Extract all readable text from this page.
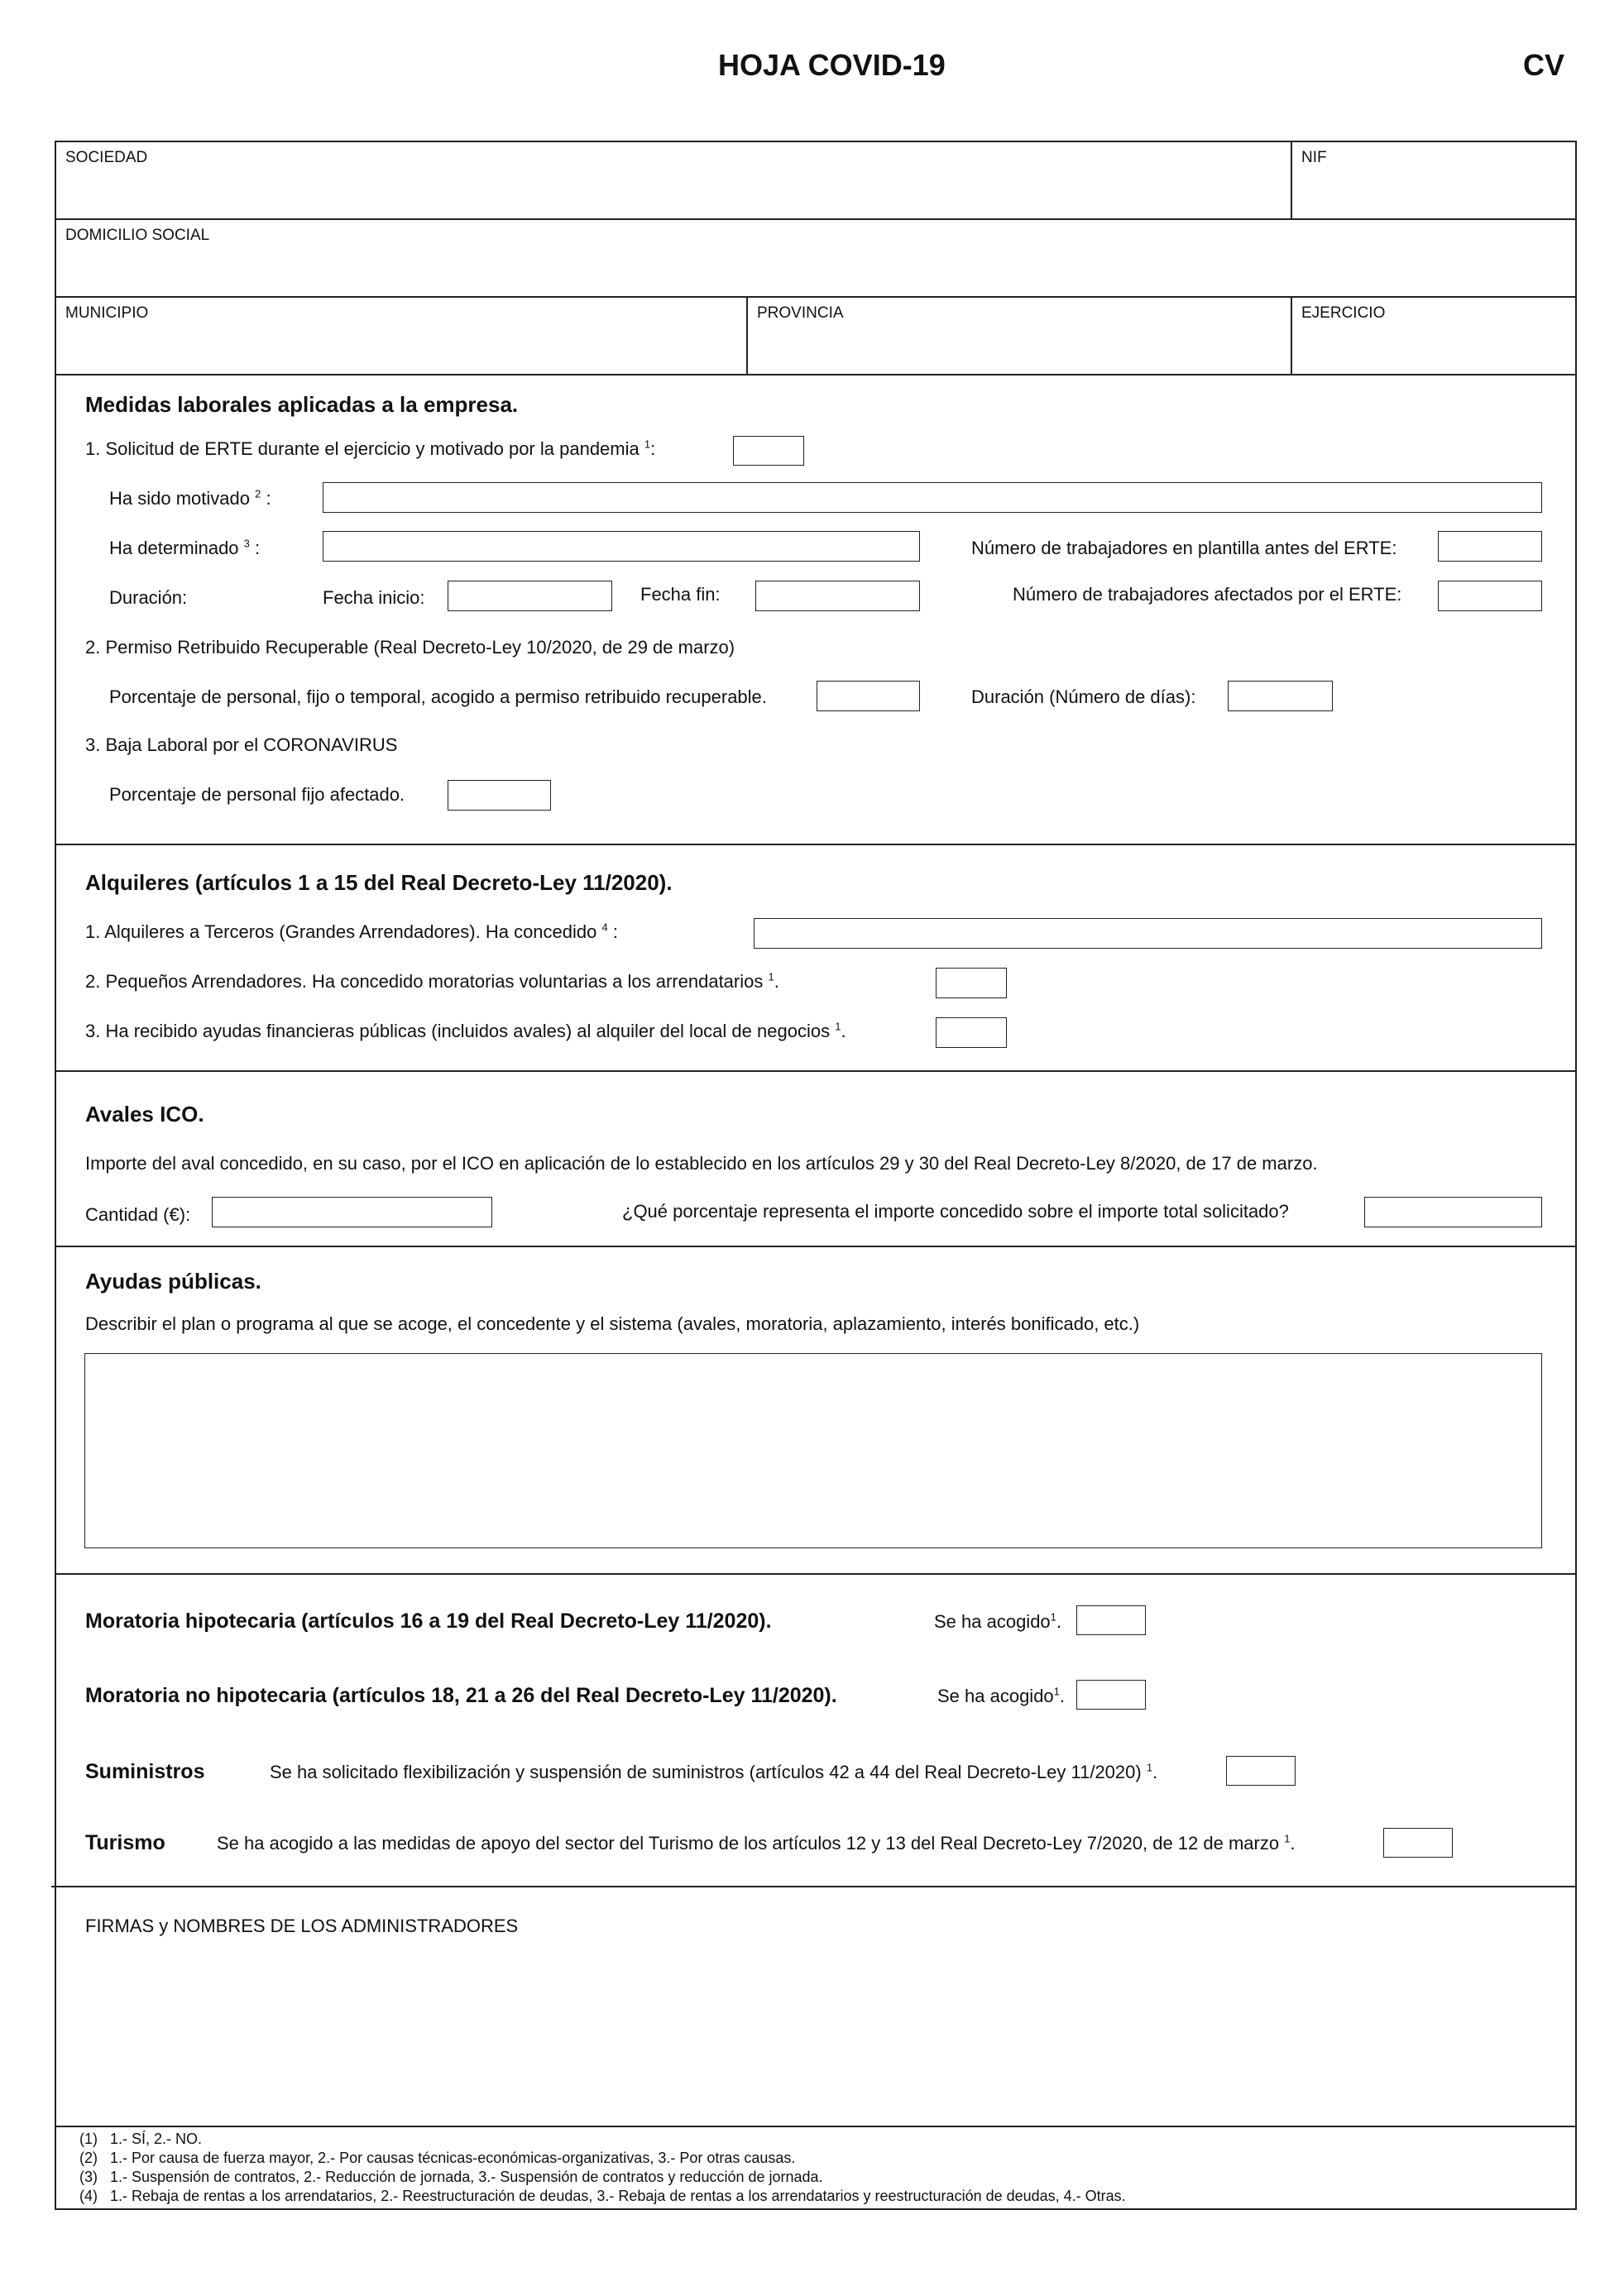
HOJA COVID-19	CV
SOCIEDAD	NIF
DOMICILIO SOCIAL
MUNICIPIO	PROVINCIA	EJERCICIO
Medidas laborales aplicadas a la empresa.
1. Solicitud de ERTE durante el ejercicio y motivado por la pandemia $^1$:
Ha sido motivado $^2$ :
Ha determinado $^3$ :	Número de trabajadores en plantilla antes del ERTE:
Duración:	Fecha inicio:	Fecha fin:	Número de trabajadores afectados por el ERTE:
2. Permiso Retribuido Recuperable (Real Decreto-Ley 10/2020, de 29 de marzo)
Porcentaje de personal, fijo o temporal, acogido a permiso retribuido recuperable.	Duración (Número de días):
3. Baja Laboral por el CORONAVIRUS
Porcentaje de personal fijo afectado.
Alquileres (artículos 1 a 15 del Real Decreto-Ley 11/2020).
1. Alquileres a Terceros (Grandes Arrendadores). Ha concedido $^4$ :
2. Pequeños Arrendadores. Ha concedido moratorias voluntarias a los arrendatarios $^1$.
3. Ha recibido ayudas financieras públicas (incluidos avales) al alquiler del local de negocios $^1$.
Avales ICO.
Importe del aval concedido, en su caso, por el ICO en aplicación de lo establecido en los artículos 29 y 30 del Real Decreto-Ley 8/2020, de 17 de marzo.
Cantidad (€):	¿Qué porcentaje representa el importe concedido sobre el importe total solicitado?
Ayudas públicas.
Describir el plan o programa al que se acoge, el concedente y el sistema (avales, moratoria, aplazamiento, interés bonificado, etc.)
Moratoria hipotecaria (artículos 16 a 19 del Real Decreto-Ley 11/2020).	Se ha acogido$^1$.
Moratoria no hipotecaria (artículos 18, 21 a 26 del Real Decreto-Ley 11/2020).	Se ha acogido$^1$.
Suministros	Se ha solicitado flexibilización y suspensión de suministros (artículos 42 a 44 del Real Decreto-Ley 11/2020) $^1$.
Turismo	Se ha acogido a las medidas de apoyo del sector del Turismo de los artículos 12 y 13 del Real Decreto-Ley 7/2020, de 12 de marzo $^1$.
FIRMAS y NOMBRES DE LOS ADMINISTRADORES
(1) 1.- SÍ, 2.- NO.
(2) 1.- Por causa de fuerza mayor, 2.- Por causas técnicas-económicas-organizativas, 3.- Por otras causas.
(3) 1.- Suspensión de contratos, 2.- Reducción de jornada, 3.- Suspensión de contratos y reducción de jornada.
(4) 1.- Rebaja de rentas a los arrendatarios, 2.- Reestructuración de deudas, 3.- Rebaja de rentas a los arrendatarios y reestructuración de deudas, 4.- Otras.
